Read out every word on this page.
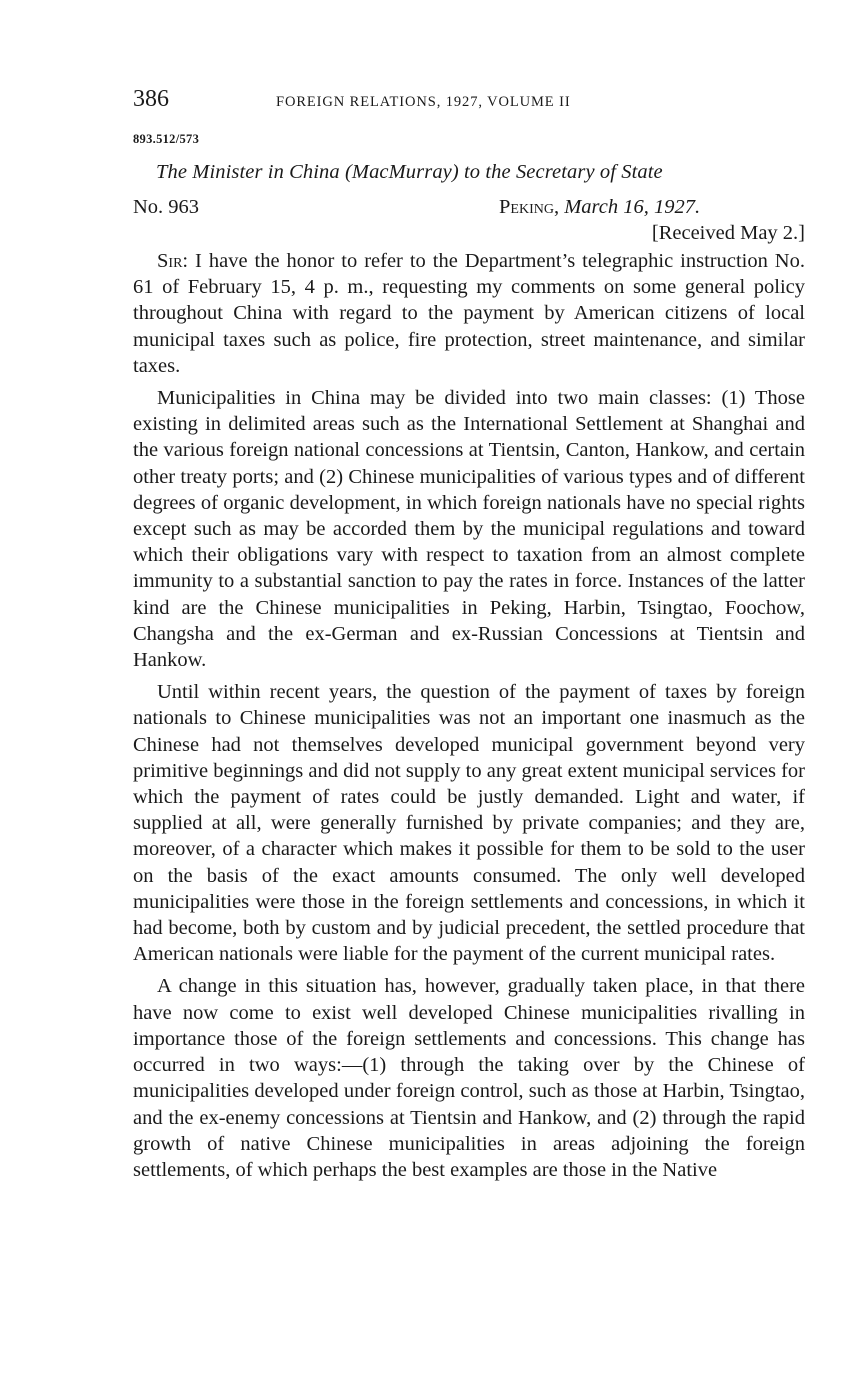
386	FOREIGN RELATIONS, 1927, VOLUME II
893.512/573
The Minister in China (MacMurray) to the Secretary of State
No. 963	Peking, March 16, 1927.
[Received May 2.]

Sir: I have the honor to refer to the Department’s telegraphic instruction No. 61 of February 15, 4 p. m., requesting my comments on some general policy throughout China with regard to the payment by American citizens of local municipal taxes such as police, fire protection, street maintenance, and similar taxes.

Municipalities in China may be divided into two main classes: (1) Those existing in delimited areas such as the International Settlement at Shanghai and the various foreign national concessions at Tientsin, Canton, Hankow, and certain other treaty ports; and (2) Chinese municipalities of various types and of different degrees of organic development, in which foreign nationals have no special rights except such as may be accorded them by the municipal regulations and toward which their obligations vary with respect to taxation from an almost complete immunity to a substantial sanction to pay the rates in force. Instances of the latter kind are the Chinese municipalities in Peking, Harbin, Tsingtao, Foochow, Changsha and the ex-German and ex-Russian Concessions at Tientsin and Hankow.

Until within recent years, the question of the payment of taxes by foreign nationals to Chinese municipalities was not an important one inasmuch as the Chinese had not themselves developed municipal government beyond very primitive beginnings and did not supply to any great extent municipal services for which the payment of rates could be justly demanded. Light and water, if supplied at all, were generally furnished by private companies; and they are, moreover, of a character which makes it possible for them to be sold to the user on the basis of the exact amounts consumed. The only well developed municipalities were those in the foreign settlements and concessions, in which it had become, both by custom and by judicial precedent, the settled procedure that American nationals were liable for the payment of the current municipal rates.

A change in this situation has, however, gradually taken place, in that there have now come to exist well developed Chinese municipalities rivalling in importance those of the foreign settlements and concessions. This change has occurred in two ways:—(1) through the taking over by the Chinese of municipalities developed under foreign control, such as those at Harbin, Tsingtao, and the ex-enemy concessions at Tientsin and Hankow, and (2) through the rapid growth of native Chinese municipalities in areas adjoining the foreign settlements, of which perhaps the best examples are those in the Native
